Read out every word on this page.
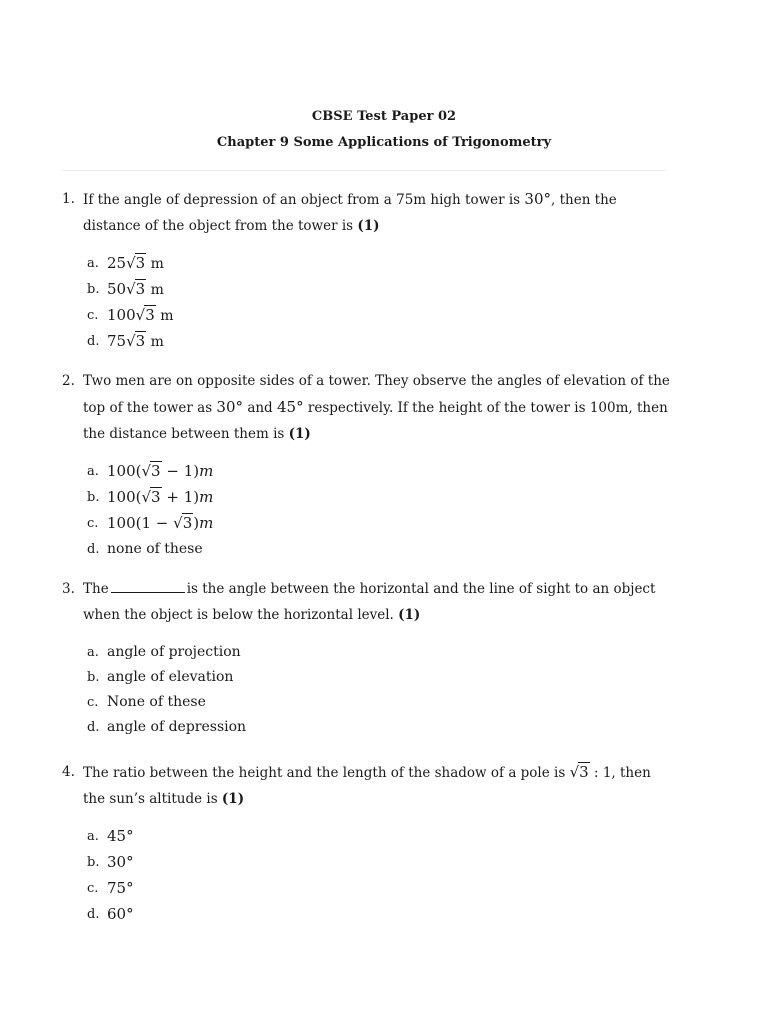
CBSE Test Paper 02
Chapter 9 Some Applications of Trigonometry
1. If the angle of depression of an object from a 75m high tower is 30°, then the distance of the object from the tower is (1)
a. 25√3 m
b. 50√3 m
c. 100√3 m
d. 75√3 m
2. Two men are on opposite sides of a tower. They observe the angles of elevation of the top of the tower as 30° and 45° respectively. If the height of the tower is 100m, then the distance between them is (1)
a. 100(√3 − 1)m
b. 100(√3 + 1)m
c. 100(1 − √3)m
d. none of these
3. The	is the angle between the horizontal and the line of sight to an object when the object is below the horizontal level. (1)
a. angle of projection
b. angle of elevation
c. None of these
d. angle of depression
4. The ratio between the height and the length of the shadow of a pole is √3 : 1, then the sun’s altitude is (1)
a. 45°
b. 30°
c. 75°
d. 60°
